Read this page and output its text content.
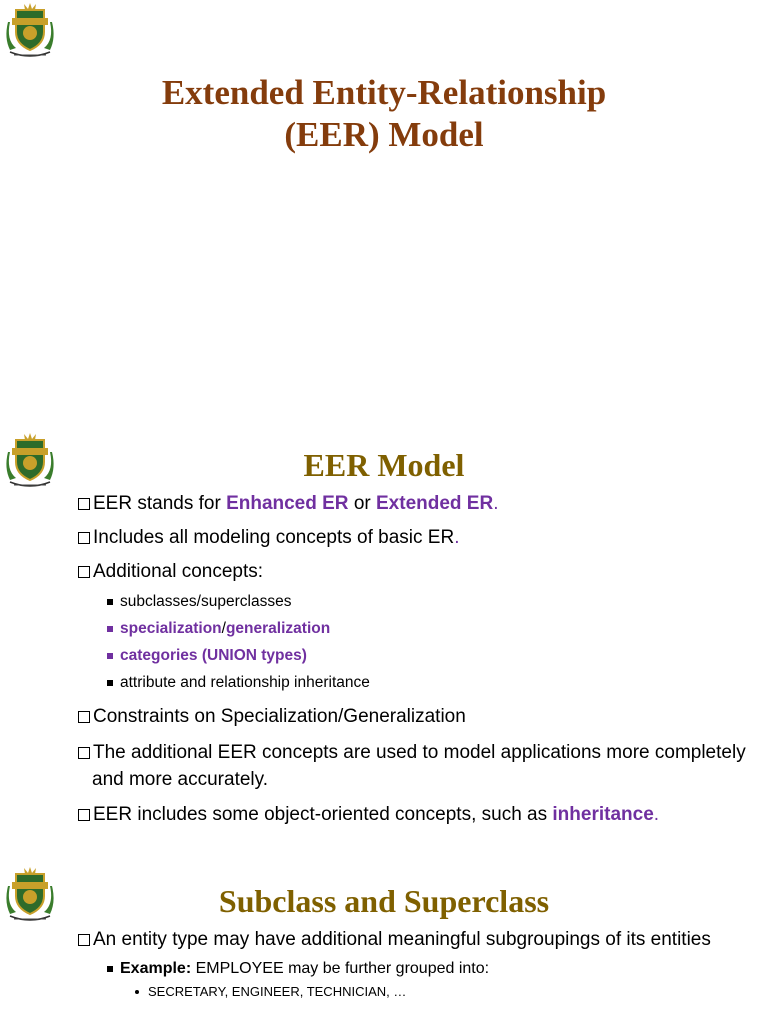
Extended Entity-Relationship
(EER) Model
EER Model
EER stands for Enhanced ER or Extended ER.
Includes all modeling concepts of basic ER.
Additional concepts:
subclasses/superclasses
specialization/generalization
categories (UNION types)
attribute and relationship inheritance
Constraints on Specialization/Generalization
The additional EER concepts are used to model applications more completely and more accurately.
EER includes some object-oriented concepts, such as inheritance.
Subclass and Superclass
An entity type may have additional meaningful subgroupings of its entities
Example: EMPLOYEE may be further grouped into:
SECRETARY, ENGINEER, TECHNICIAN, …
